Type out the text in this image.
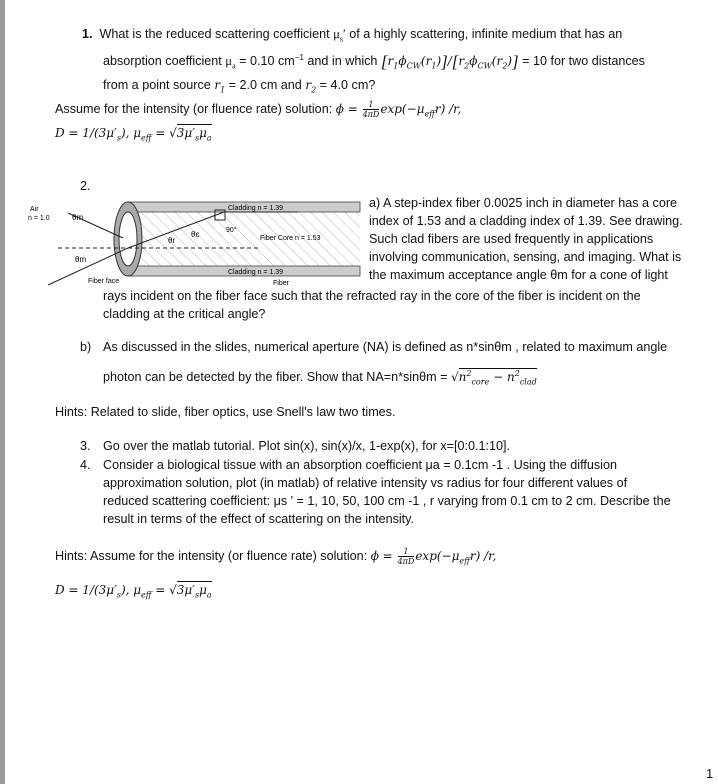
1. What is the reduced scattering coefficient $\mu_s'$ of a highly scattering, infinite medium that has an
absorption coefficient $\mu_a = 0.10$ $cm^{-1}$ and in which $[r_1\phi_{CW}(r_1)]/[r_2\phi_{CW}(r_2)] = 10$ for two distances
from a point source $r_1 = 2.0$ cm and $r_2 = 4.0$ cm?
Assume for the intensity (or fluence rate) solution: $\phi = \frac{1}{4\pi D} \exp(-\mu_{eff}r)$ /r,
$D = 1/(3\mu'_s)$, $\mu_{eff} = √3\mu'_s\mu_a$
2.
Air
n = 1.0	θm
θm
θr
θc	90°
Cladding n = 1.39
Cladding n = 1.39
Fiber Core n = 1.53
Fiber face	Fiber
a) A step-index fiber 0.0025 inch in diameter has a core
index of 1.53 and a cladding index of 1.39. See drawing.
Such clad fibers are used frequently in applications
involving communication, sensing, and imaging. What is
the maximum acceptance angle θm for a cone of light
rays incident on the fiber face such that the refracted ray in the core of the fiber is incident on the
cladding at the critical angle?
b) As discussed in the slides, numerical aperture (NA) is defined as n*sinθm , related to maximum angle
photon can be detected by the fiber. Show that $NA=n*\sin\theta m = √n^2_{core} - n^2_{clad}$
Hints: Related to slide, fiber optics, use Snell's law two times.
3. Go over the matlab tutorial. Plot sin(x), sin(x)/x, 1-exp(x), for x=[0:0.1:10].
4. Consider a biological tissue with an absorption coefficient μa = 0.1cm -1 . Using the diffusion
approximation solution, plot (in matlab) of relative intensity vs radius for four different values of
reduced scattering coefficient: μs ' = 1, 10, 50, 100 cm -1 , r varying from 0.1 cm to 2 cm. Describe the
result in terms of the effect of scattering on the intensity.
Hints: Assume for the intensity (or fluence rate) solution: $\phi = \frac{1}{4\pi D} \exp(-\mu_{eff}r)$ /r,
$D = 1/(3\mu'_s)$, $\mu_{eff} = √3\mu'_s\mu_a$
1
